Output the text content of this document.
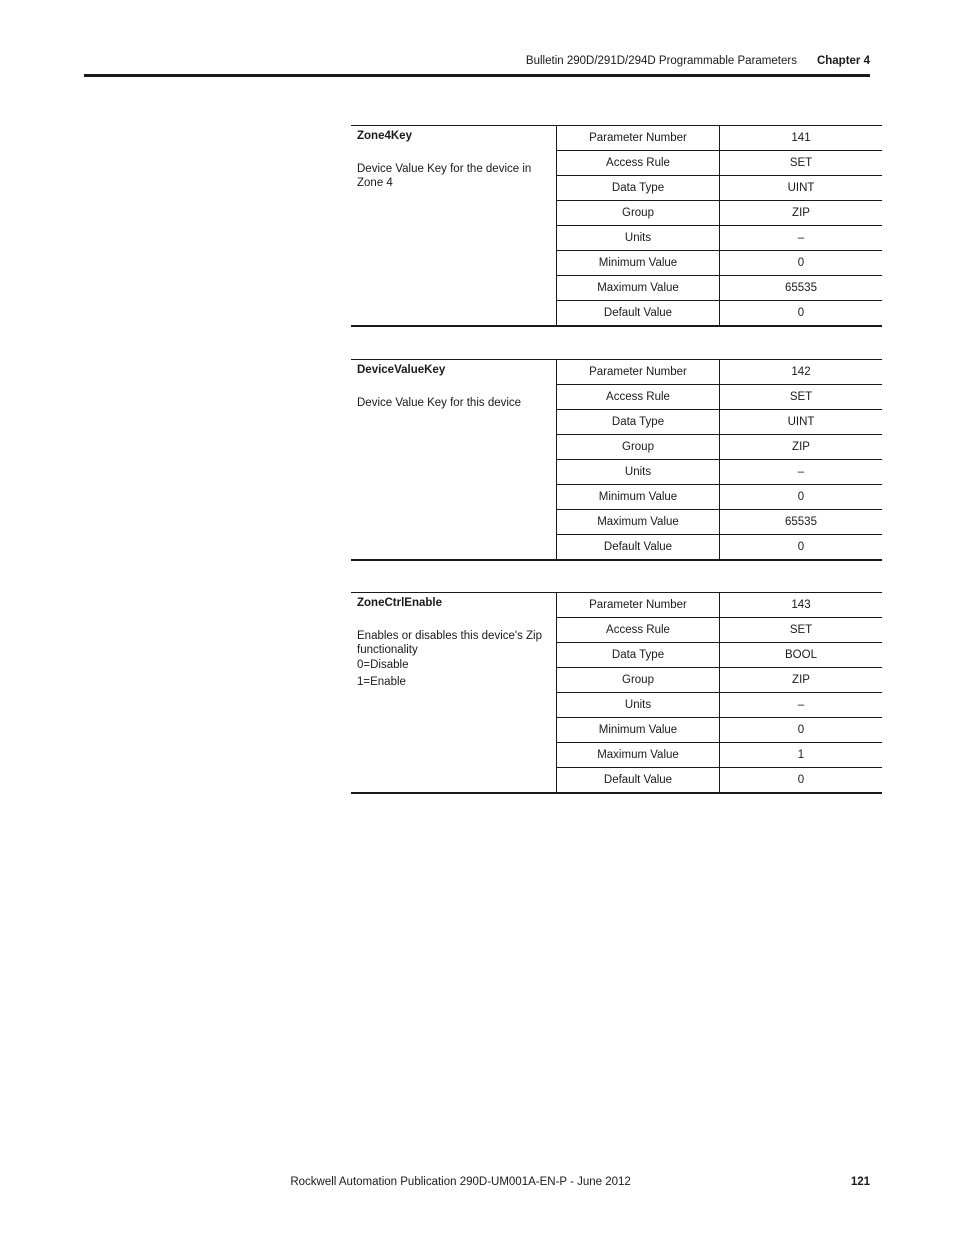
Bulletin 290D/291D/294D Programmable Parameters Chapter 4
Zone4Key
Device Value Key for the device in Zone 4	Parameter Number	141
	Access Rule	SET
	Data Type	UINT
	Group	ZIP
	Units	–
	Minimum Value	0
	Maximum Value	65535
	Default Value	0
DeviceValueKey
Device Value Key for this device	Parameter Number	142
	Access Rule	SET
	Data Type	UINT
	Group	ZIP
	Units	–
	Minimum Value	0
	Maximum Value	65535
	Default Value	0
ZoneCtrlEnable
Enables or disables this device's Zip functionality
0=Disable
1=Enable	Parameter Number	143
	Access Rule	SET
	Data Type	BOOL
	Group	ZIP
	Units	–
	Minimum Value	0
	Maximum Value	1
	Default Value	0
Rockwell Automation Publication 290D-UM001A-EN-P - June 2012	121
